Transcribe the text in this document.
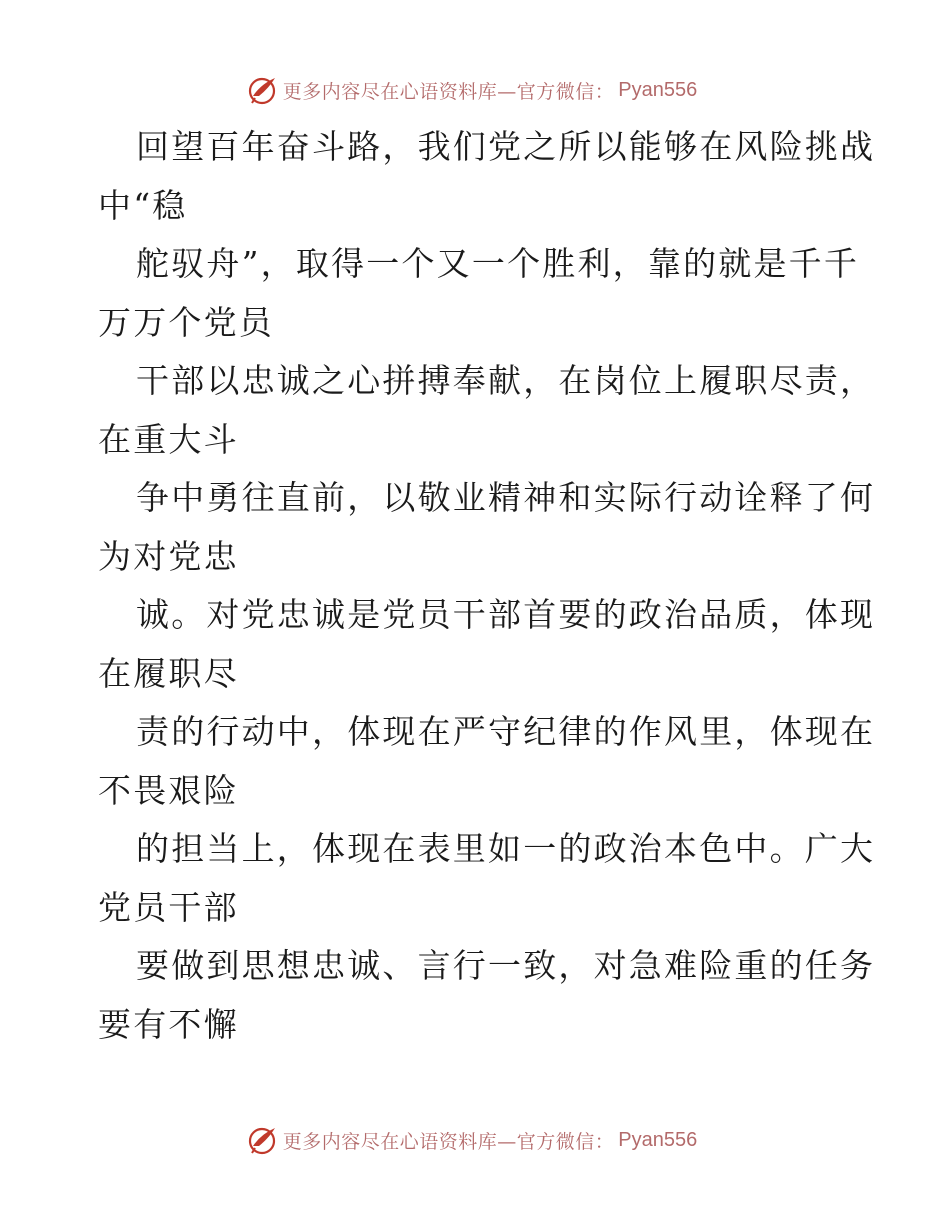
更多内容尽在心语资料库—官方微信： Pyan556
回望百年奋斗路，我们党之所以能够在风险挑战
中“稳
舵驭舟”，取得一个又一个胜利，靠的就是千千
万万个党员
干部以忠诚之心拼搏奉献，在岗位上履职尽责，
在重大斗
争中勇往直前，以敬业精神和实际行动诠释了何
为对党忠
诚。对党忠诚是党员干部首要的政治品质，体现
在履职尽
责的行动中，体现在严守纪律的作风里，体现在
不畏艰险
的担当上，体现在表里如一的政治本色中。广大
党员干部
要做到思想忠诚、言行一致，对急难险重的任务
要有不懈
更多内容尽在心语资料库—官方微信： Pyan556
